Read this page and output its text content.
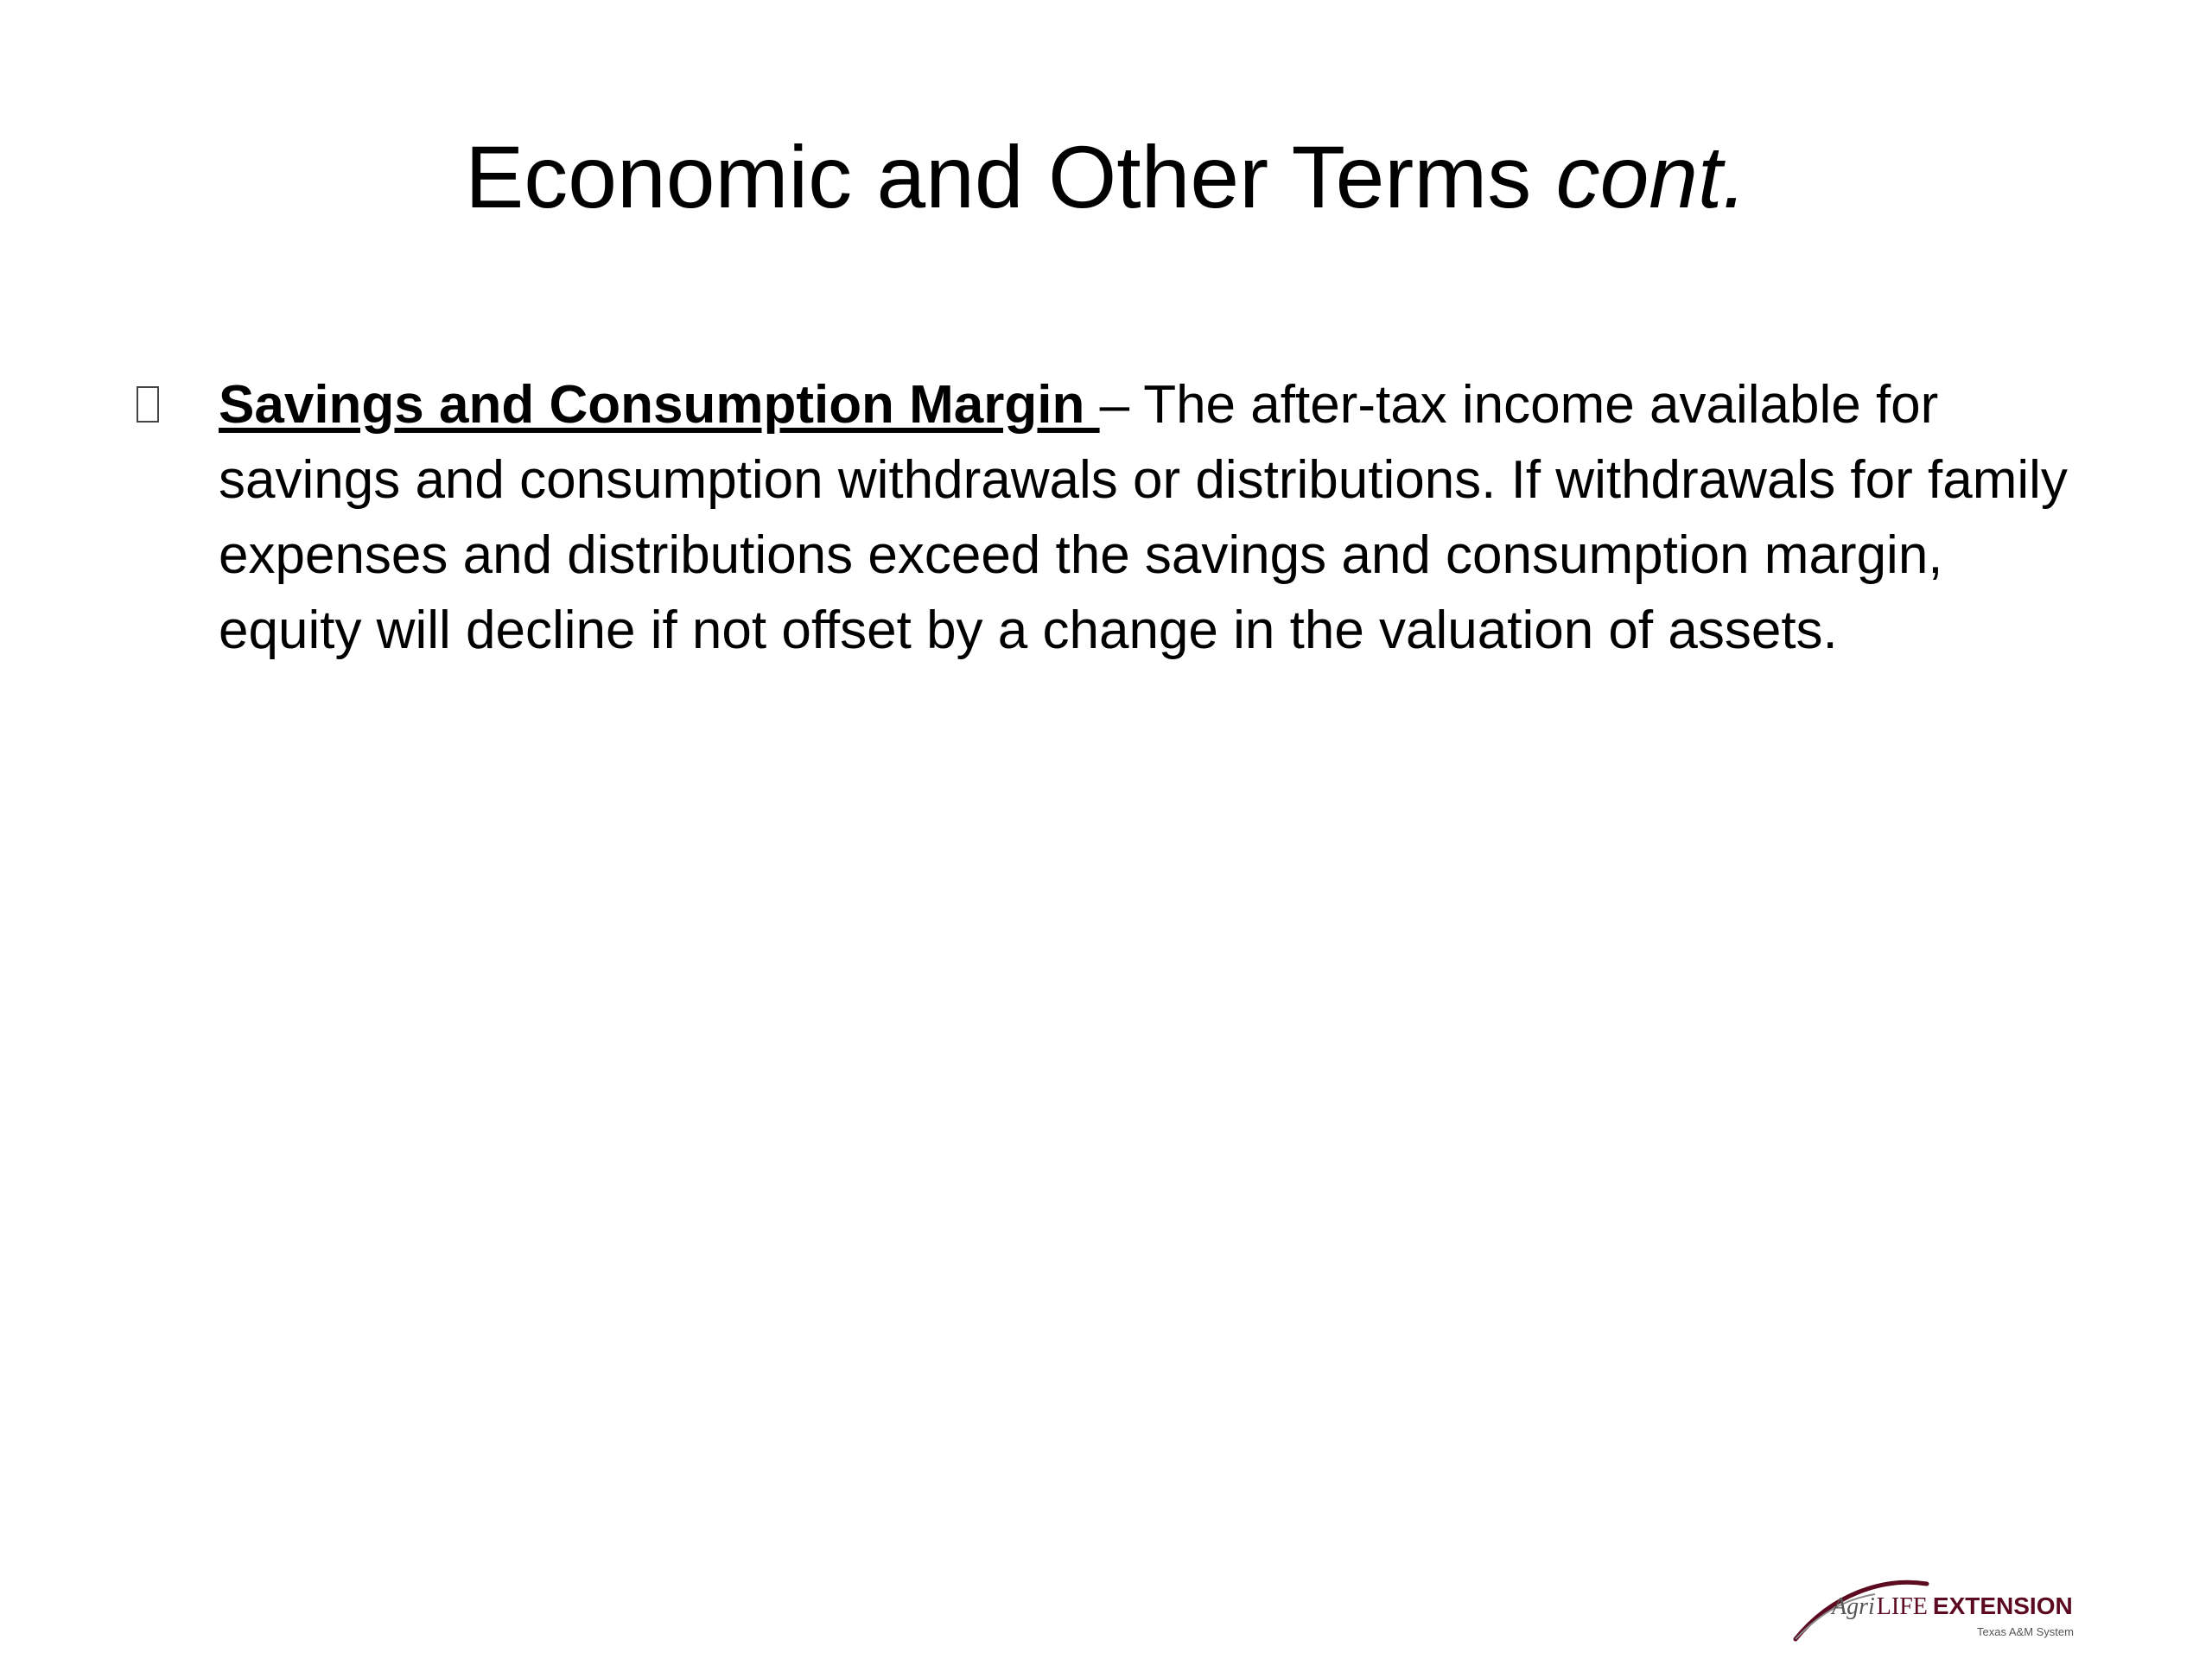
Economic and Other Terms cont.
Savings and Consumption Margin – The after-tax income available for savings and consumption withdrawals or distributions. If withdrawals for family expenses and distributions exceed the savings and consumption margin, equity will decline if not offset by a change in the valuation of assets.
AgriLIFE EXTENSION
Texas A&M System
